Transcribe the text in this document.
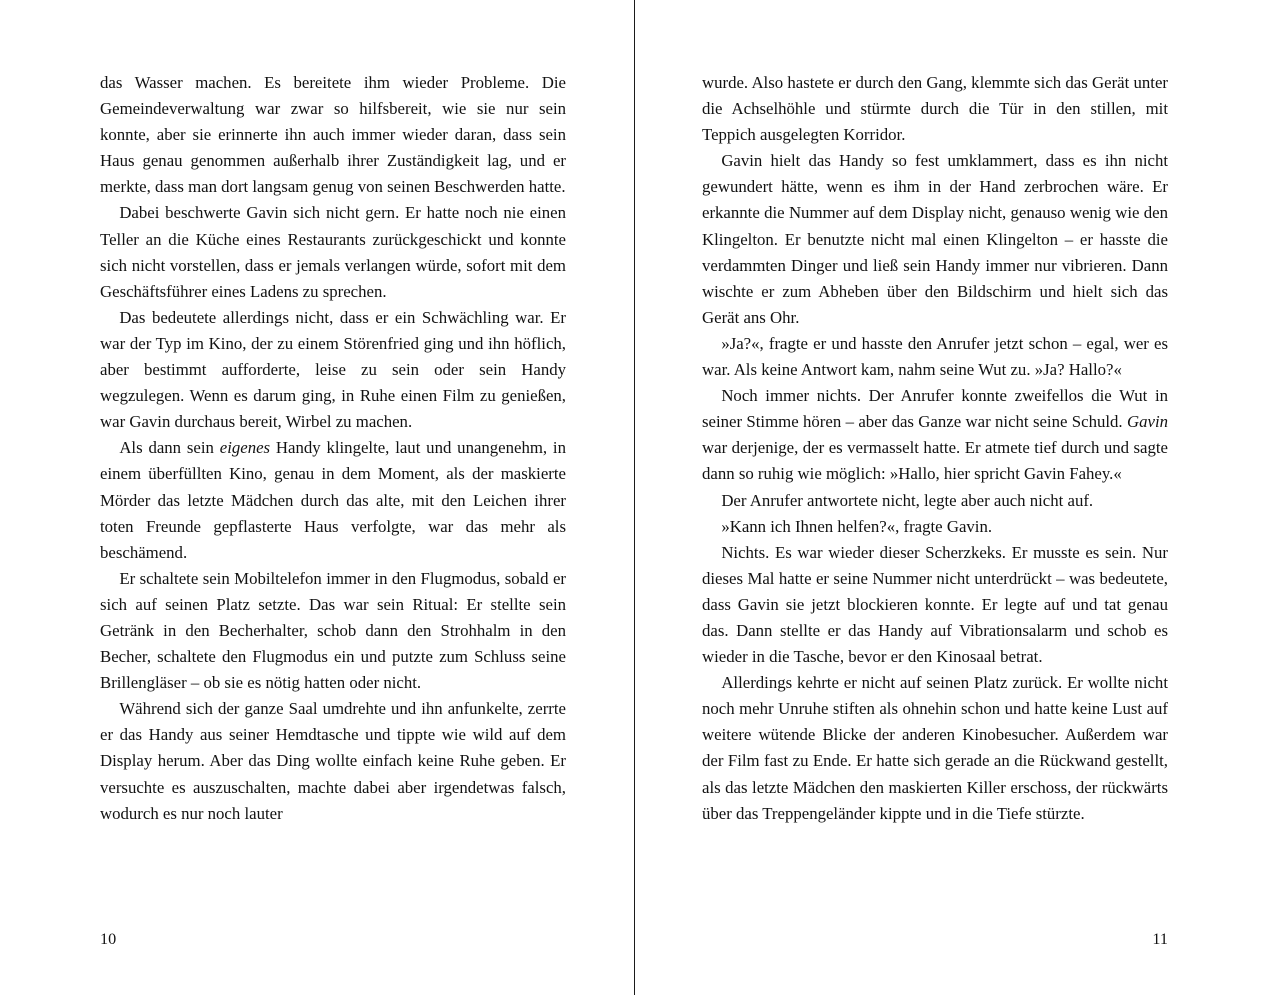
das Wasser machen. Es bereitete ihm wieder Probleme. Die Gemeindeverwaltung war zwar so hilfsbereit, wie sie nur sein konnte, aber sie erinnerte ihn auch immer wieder daran, dass sein Haus genau genommen außerhalb ihrer Zuständigkeit lag, und er merkte, dass man dort langsam genug von seinen Beschwerden hatte.

Dabei beschwerte Gavin sich nicht gern. Er hatte noch nie einen Teller an die Küche eines Restaurants zurückgeschickt und konnte sich nicht vorstellen, dass er jemals verlangen würde, sofort mit dem Geschäftsführer eines Ladens zu sprechen.

Das bedeutete allerdings nicht, dass er ein Schwächling war. Er war der Typ im Kino, der zu einem Störenfried ging und ihn höflich, aber bestimmt aufforderte, leise zu sein oder sein Handy wegzulegen. Wenn es darum ging, in Ruhe einen Film zu genießen, war Gavin durchaus bereit, Wirbel zu machen.

Als dann sein eigenes Handy klingelte, laut und unangenehm, in einem überfüllten Kino, genau in dem Moment, als der maskierte Mörder das letzte Mädchen durch das alte, mit den Leichen ihrer toten Freunde gepflasterte Haus verfolgte, war das mehr als beschämend.

Er schaltete sein Mobiltelefon immer in den Flugmodus, sobald er sich auf seinen Platz setzte. Das war sein Ritual: Er stellte sein Getränk in den Becherhalter, schob dann den Strohhalm in den Becher, schaltete den Flugmodus ein und putzte zum Schluss seine Brillengläser – ob sie es nötig hatten oder nicht.

Während sich der ganze Saal umdrehte und ihn anfunkelte, zerrte er das Handy aus seiner Hemdtasche und tippte wie wild auf dem Display herum. Aber das Ding wollte einfach keine Ruhe geben. Er versuchte es auszuschalten, machte dabei aber irgendetwas falsch, wodurch es nur noch lauter

10

wurde. Also hastete er durch den Gang, klemmte sich das Gerät unter die Achselhöhle und stürmte durch die Tür in den stillen, mit Teppich ausgelegten Korridor.

Gavin hielt das Handy so fest umklammert, dass es ihn nicht gewundert hätte, wenn es ihm in der Hand zerbrochen wäre. Er erkannte die Nummer auf dem Display nicht, genauso wenig wie den Klingelton. Er benutzte nicht mal einen Klingelton – er hasste die verdammten Dinger und ließ sein Handy immer nur vibrieren. Dann wischte er zum Abheben über den Bildschirm und hielt sich das Gerät ans Ohr.

»Ja?«, fragte er und hasste den Anrufer jetzt schon – egal, wer es war. Als keine Antwort kam, nahm seine Wut zu. »Ja? Hallo?«

Noch immer nichts. Der Anrufer konnte zweifellos die Wut in seiner Stimme hören – aber das Ganze war nicht seine Schuld. Gavin war derjenige, der es vermasselt hatte. Er atmete tief durch und sagte dann so ruhig wie möglich: »Hallo, hier spricht Gavin Fahey.«

Der Anrufer antwortete nicht, legte aber auch nicht auf.

»Kann ich Ihnen helfen?«, fragte Gavin.

Nichts. Es war wieder dieser Scherzkeks. Er musste es sein. Nur dieses Mal hatte er seine Nummer nicht unterdrückt – was bedeutete, dass Gavin sie jetzt blockieren konnte. Er legte auf und tat genau das. Dann stellte er das Handy auf Vibrationsalarm und schob es wieder in die Tasche, bevor er den Kinosaal betrat.

Allerdings kehrte er nicht auf seinen Platz zurück. Er wollte nicht noch mehr Unruhe stiften als ohnehin schon und hatte keine Lust auf weitere wütende Blicke der anderen Kinobesucher. Außerdem war der Film fast zu Ende. Er hatte sich gerade an die Rückwand gestellt, als das letzte Mädchen den maskierten Killer erschoss, der rückwärts über das Treppengeländer kippte und in die Tiefe stürzte.

11
